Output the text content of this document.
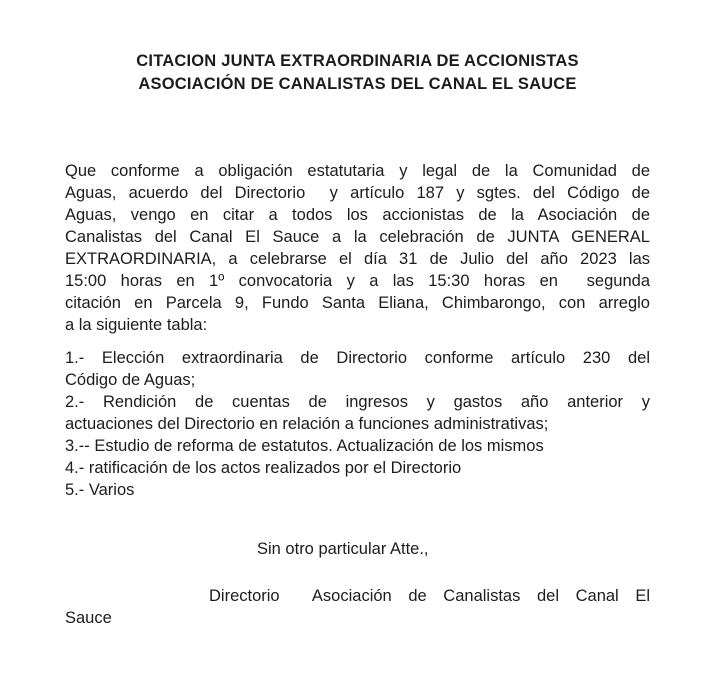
CITACION JUNTA EXTRAORDINARIA DE ACCIONISTAS
ASOCIACIÓN DE CANALISTAS DEL CANAL EL SAUCE
Que conforme a obligación estatutaria y legal de la Comunidad de
Aguas, acuerdo del Directorio  y artículo 187 y sgtes. del Código de
Aguas, vengo en citar a todos los accionistas de la Asociación de
Canalistas del Canal El Sauce a la celebración de JUNTA GENERAL
EXTRAORDINARIA, a celebrarse el día 31 de Julio del año 2023 las
15:00 horas en 1º convocatoria y a las 15:30 horas en  segunda
citación en Parcela 9, Fundo Santa Eliana, Chimbarongo, con arreglo
a la siguiente tabla:
1.- Elección extraordinaria de Directorio conforme artículo 230 del
Código de Aguas;
2.- Rendición de cuentas de ingresos y gastos año anterior y
actuaciones del Directorio en relación a funciones administrativas;
3.-- Estudio de reforma de estatutos. Actualización de los mismos
4.- ratificación de los actos realizados por el Directorio
5.- Varios
Sin otro particular Atte.,
Directorio  Asociación de Canalistas del Canal El
Sauce
